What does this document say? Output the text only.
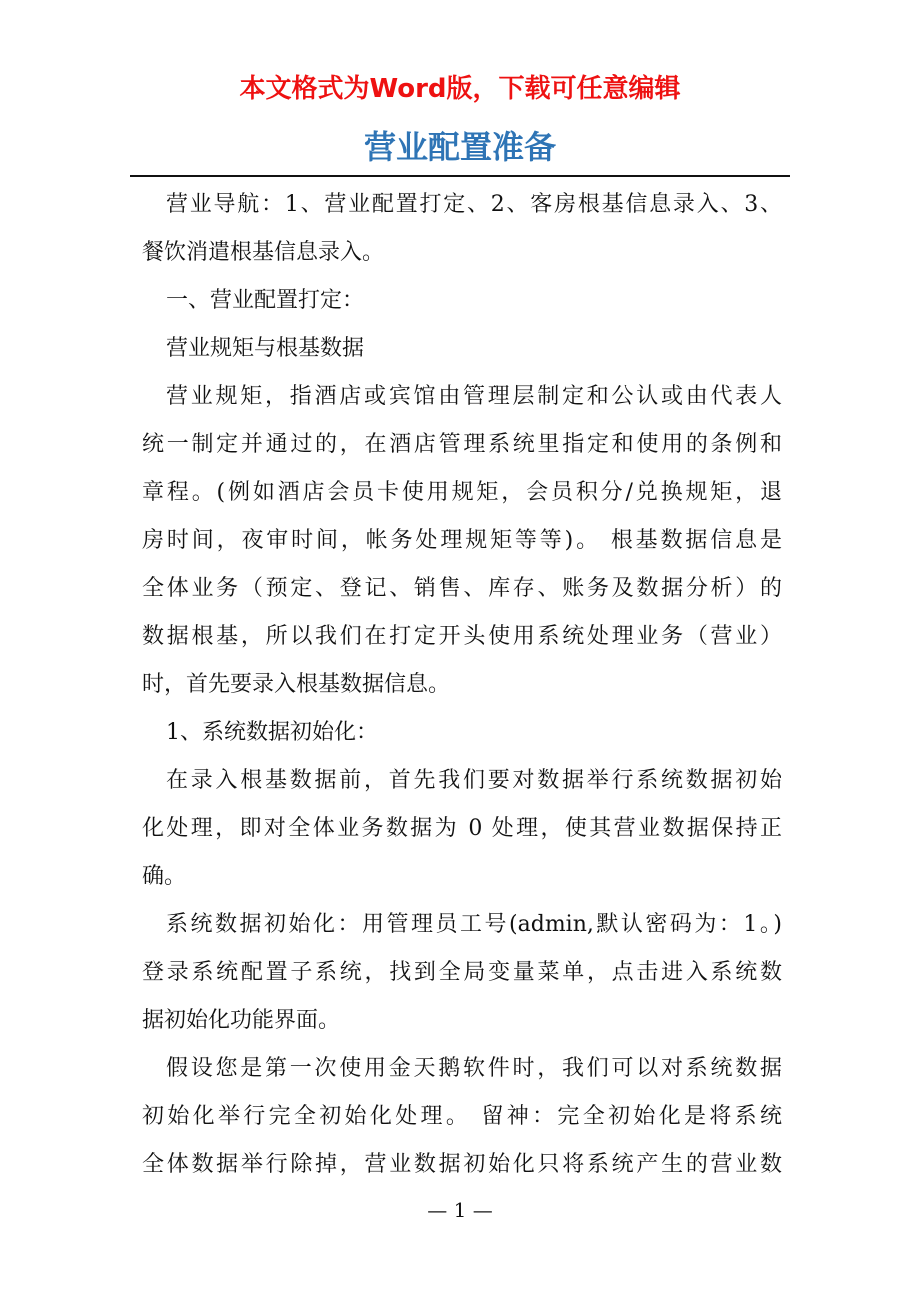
本文格式为Word版，下载可任意编辑
营业配置准备
营业导航：1、营业配置打定、2、客房根基信息录入、3、
餐饮消遣根基信息录入。
一、营业配置打定：
营业规矩与根基数据
营业规矩，指酒店或宾馆由管理层制定和公认或由代表人
统一制定并通过的，在酒店管理系统里指定和使用的条例和
章程。(例如酒店会员卡使用规矩，会员积分/兑换规矩，退
房时间，夜审时间，帐务处理规矩等等)。 根基数据信息是
全体业务（预定、登记、销售、库存、账务及数据分析）的
数据根基，所以我们在打定开头使用系统处理业务（营业）
时，首先要录入根基数据信息。
1、系统数据初始化：
在录入根基数据前，首先我们要对数据举行系统数据初始
化处理，即对全体业务数据为 0 处理，使其营业数据保持正
确。
系统数据初始化：用管理员工号(admin,默认密码为：1。)
登录系统配置子系统，找到全局变量菜单，点击进入系统数
据初始化功能界面。
假设您是第一次使用金天鹅软件时，我们可以对系统数据
初始化举行完全初始化处理。 留神：完全初始化是将系统
全体数据举行除掉，营业数据初始化只将系统产生的营业数
— 1 —
